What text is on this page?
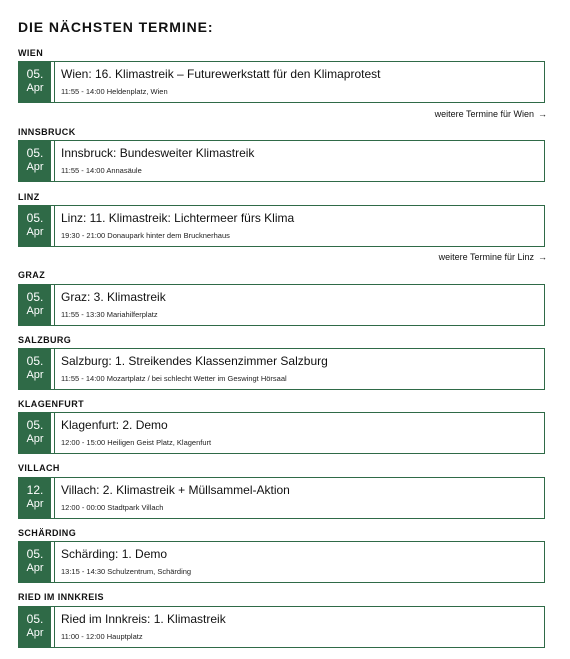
DIE NÄCHSTEN TERMINE:
WIEN
05.
Apr
Wien: 16. Klimastreik – Futurewerkstatt für den Klimaprotest
11:55 - 14:00 Heldenplatz, Wien
weitere Termine für Wien →
INNSBRUCK
05.
Apr
Innsbruck: Bundesweiter Klimastreik
11:55 - 14:00 Annasäule
LINZ
05.
Apr
Linz: 11. Klimastreik: Lichtermeer fürs Klima
19:30 - 21:00 Donaupark hinter dem Brucknerhaus
weitere Termine für Linz →
GRAZ
05.
Apr
Graz: 3. Klimastreik
11:55 - 13:30 Mariahilferplatz
SALZBURG
05.
Apr
Salzburg: 1. Streikendes Klassenzimmer Salzburg
11:55 - 14:00 Mozartplatz / bei schlecht Wetter im Geswingt Hörsaal
KLAGENFURT
05.
Apr
Klagenfurt: 2. Demo
12:00 - 15:00 Heiligen Geist Platz, Klagenfurt
VILLACH
12.
Apr
Villach: 2. Klimastreik + Müllsammel-Aktion
12:00 - 00:00 Stadtpark Villach
SCHÄRDING
05.
Apr
Schärding: 1. Demo
13:15 - 14:30 Schulzentrum, Schärding
RIED IM INNKREIS
05.
Apr
Ried im Innkreis: 1. Klimastreik
11:00 - 12:00 Hauptplatz
